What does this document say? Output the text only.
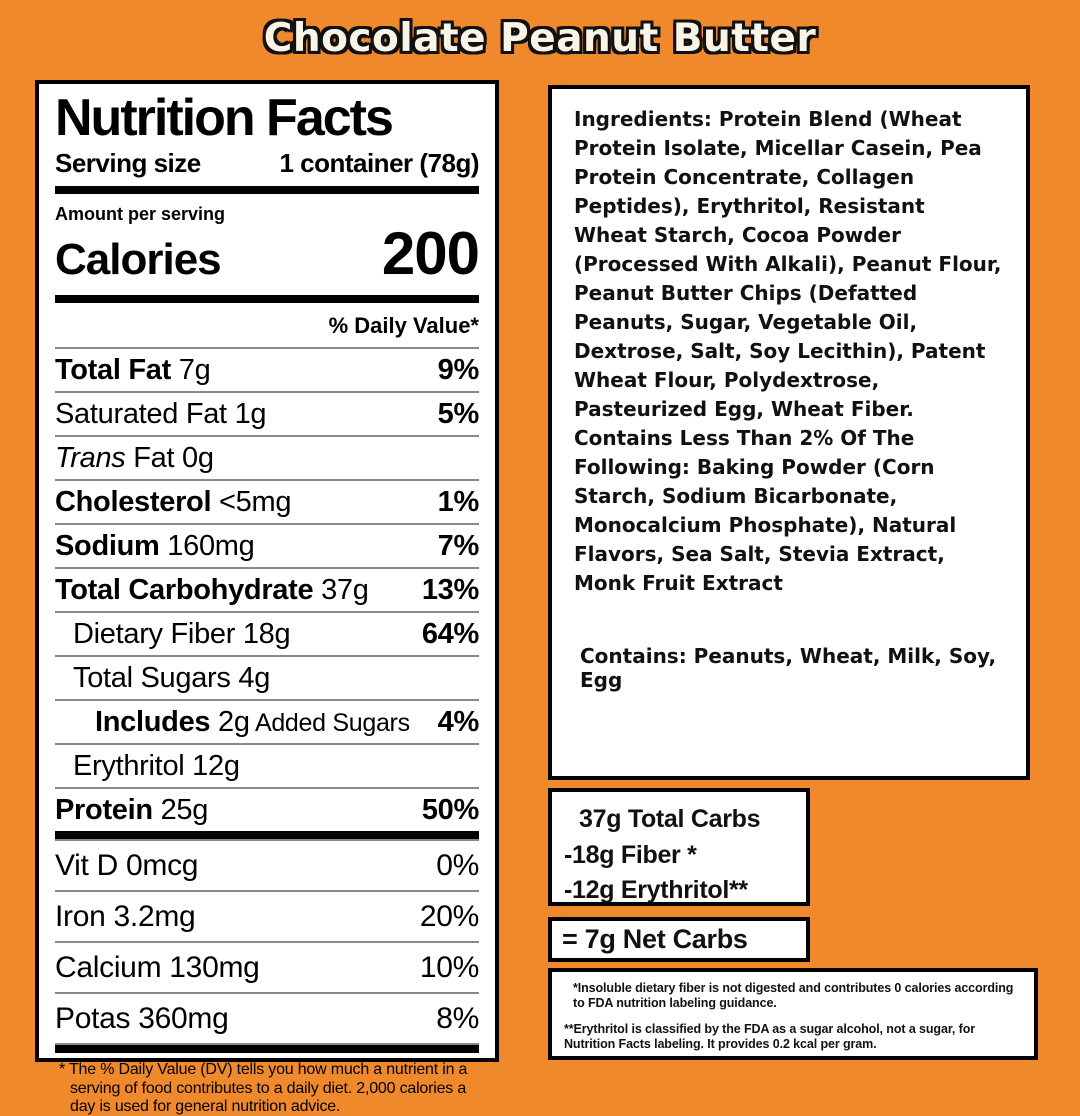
Chocolate Peanut Butter
Nutrition Facts
Serving size	1 container (78g)
Amount per serving
Calories	200
% Daily Value*
Total Fat 7g	9%
Saturated Fat 1g	5%
Trans Fat 0g
Cholesterol <5mg	1%
Sodium 160mg	7%
Total Carbohydrate 37g 13%
Dietary Fiber 18g	64%
Total Sugars 4g
Includes 2g Added Sugars 4%
Erythritol 12g
Protein 25g	50%
Vit D 0mcg	0%
Iron 3.2mg	20%
Calcium 130mg	10%
Potas 360mg	8%
* The % Daily Value (DV) tells you how much a nutrient in a serving of food contributes to a daily diet. 2,000 calories a day is used for general nutrition advice.
Ingredients: Protein Blend (Wheat Protein Isolate, Micellar Casein, Pea Protein Concentrate, Collagen Peptides), Erythritol, Resistant Wheat Starch, Cocoa Powder (Processed With Alkali), Peanut Flour, Peanut Butter Chips (Defatted Peanuts, Sugar, Vegetable Oil, Dextrose, Salt, Soy Lecithin), Patent Wheat Flour, Polydextrose, Pasteurized Egg, Wheat Fiber. Contains Less Than 2% Of The Following: Baking Powder (Corn Starch, Sodium Bicarbonate, Monocalcium Phosphate), Natural Flavors, Sea Salt, Stevia Extract, Monk Fruit Extract
Contains: Peanuts, Wheat, Milk, Soy, Egg
37g Total Carbs
-18g Fiber *
-12g Erythritol**
= 7g Net Carbs
*Insoluble dietary fiber is not digested and contributes 0 calories according to FDA nutrition labeling guidance.
**Erythritol is classified by the FDA as a sugar alcohol, not a sugar, for Nutrition Facts labeling. It provides 0.2 kcal per gram.
